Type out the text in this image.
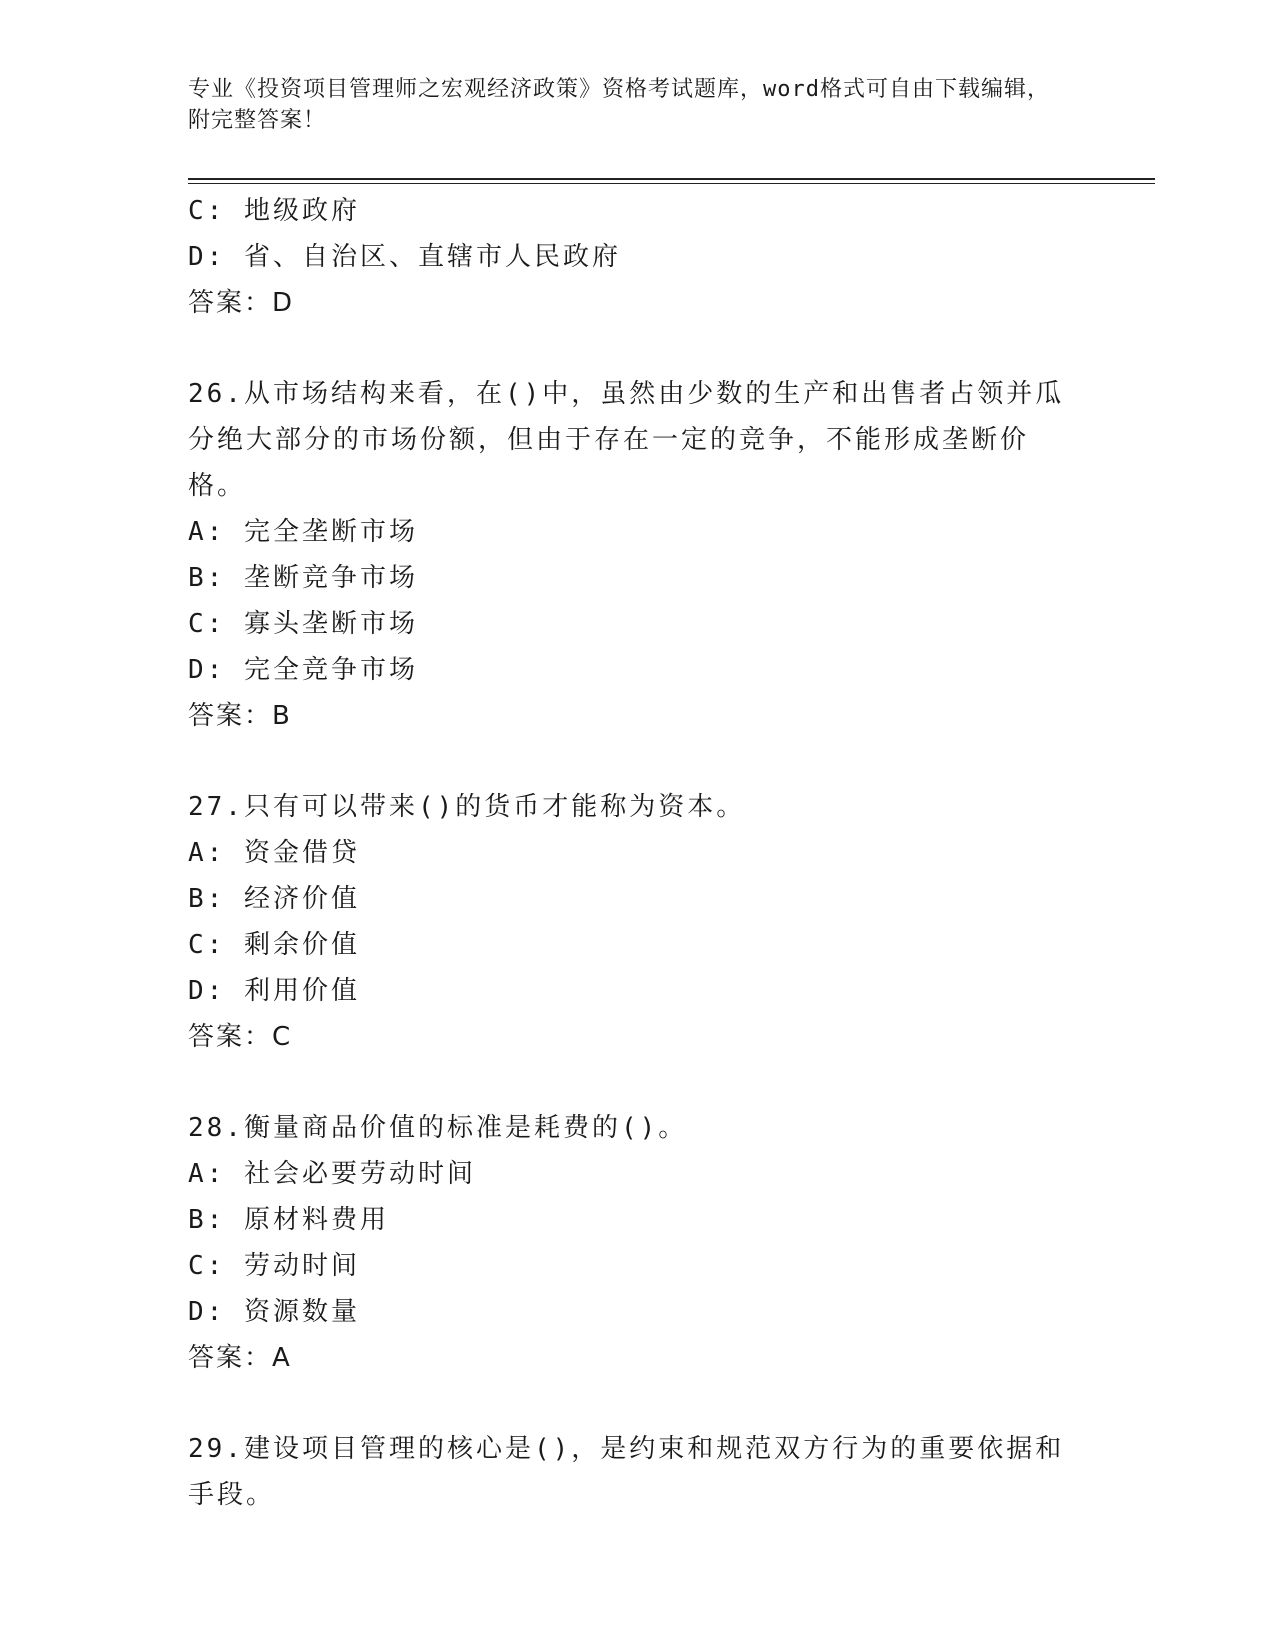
专业《投资项目管理师之宏观经济政策》资格考试题库，word格式可自由下载编辑，附完整答案！
C: 地级政府
D: 省、自治区、直辖市人民政府
答案：D
26.从市场结构来看，在()中，虽然由少数的生产和出售者占领并瓜分绝大部分的市场份额，但由于存在一定的竞争，不能形成垄断价格。
A: 完全垄断市场
B: 垄断竞争市场
C: 寡头垄断市场
D: 完全竞争市场
答案：B
27.只有可以带来()的货币才能称为资本。
A: 资金借贷
B: 经济价值
C: 剩余价值
D: 利用价值
答案：C
28.衡量商品价值的标准是耗费的()。
A: 社会必要劳动时间
B: 原材料费用
C: 劳动时间
D: 资源数量
答案：A
29.建设项目管理的核心是()，是约束和规范双方行为的重要依据和手段。
